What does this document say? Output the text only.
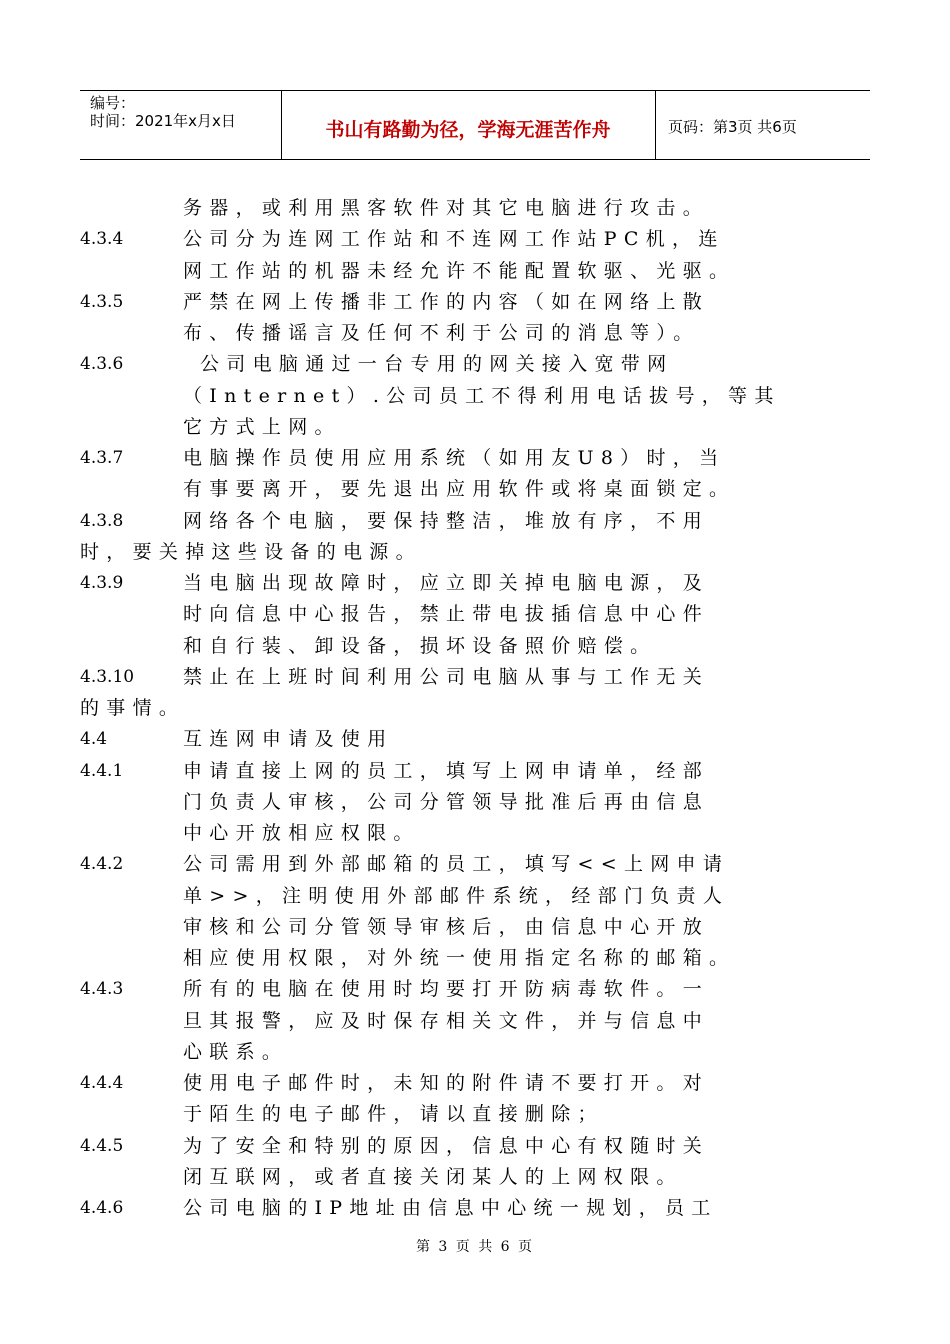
编号：
时间：2021年x月x日	书山有路勤为径，学海无涯苦作舟	页码：第3页 共6页
务器，或利用黑客软件对其它电脑进行攻击。
4.3.4	公司分为连网工作站和不连网工作站PC机，连
网工作站的机器未经允许不能配置软驱、光驱。
4.3.5	严禁在网上传播非工作的内容（如在网络上散
布、传播谣言及任何不利于公司的消息等）。
4.3.6	公司电脑通过一台专用的网关接入宽带网
（Internet）.公司员工不得利用电话拔号，等其
它方式上网。
4.3.7	电脑操作员使用应用系统（如用友U8）时，当
有事要离开，要先退出应用软件或将桌面锁定。
4.3.8	网络各个电脑，要保持整洁，堆放有序，不用
时，要关掉这些设备的电源。
4.3.9	当电脑出现故障时，应立即关掉电脑电源，及
时向信息中心报告，禁止带电拔插信息中心件
和自行装、卸设备，损坏设备照价赔偿。
4.3.10	禁止在上班时间利用公司电脑从事与工作无关
的事情。
4.4	互连网申请及使用
4.4.1	申请直接上网的员工，填写上网申请单，经部
门负责人审核，公司分管领导批准后再由信息
中心开放相应权限。
4.4.2	公司需用到外部邮箱的员工，填写<<上网申请
单>>，注明使用外部邮件系统，经部门负责人
审核和公司分管领导审核后，由信息中心开放
相应使用权限，对外统一使用指定名称的邮箱。
4.4.3	所有的电脑在使用时均要打开防病毒软件。一
旦其报警，应及时保存相关文件，并与信息中
心联系。
4.4.4	使用电子邮件时，未知的附件请不要打开。对
于陌生的电子邮件，请以直接删除；
4.4.5	为了安全和特别的原因，信息中心有权随时关
闭互联网，或者直接关闭某人的上网权限。
4.4.6	公司电脑的IP地址由信息中心统一规划，员工
第 3 页 共 6 页
